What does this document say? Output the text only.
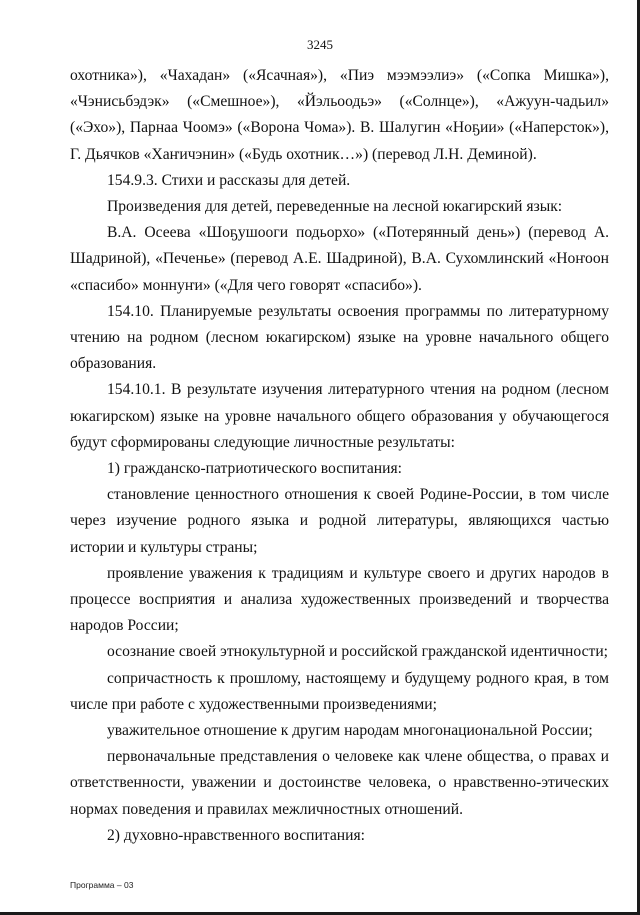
3245

охотника»), «Чахадан» («Ясачная»), «Пиэ мээмээлиэ» («Сопка Мишка»), «Чэнисьбэдэк» («Смешное»), «Йэльоодьэ» («Солнце»), «Ажуун-чадьил» («Эхо»), Парнаа Чоомэ» («Ворона Чома»). В. Шалугин «Ноҕии» («Наперсток»), Г. Дьячков «Хаҥичэнин» («Будь охотник…») (перевод Л.Н. Деминой).

154.9.3. Стихи и рассказы для детей.

Произведения для детей, переведенные на лесной юкагирский язык:

В.А. Осеева «Шоҕушооги подьорхо» («Потерянный день») (перевод А. Шадриной), «Печенье» (перевод А.Е. Шадриной), В.А. Сухомлинский «Ноҥоон «спасибо» моннуҥи» («Для чего говорят «спасибо»).

154.10. Планируемые результаты освоения программы по литературному чтению на родном (лесном юкагирском) языке на уровне начального общего образования.

154.10.1. В результате изучения литературного чтения на родном (лесном юкагирском) языке на уровне начального общего образования у обучающегося будут сформированы следующие личностные результаты:

1) гражданско-патриотического воспитания:

становление ценностного отношения к своей Родине-России, в том числе через изучение родного языка и родной литературы, являющихся частью истории и культуры страны;

проявление уважения к традициям и культуре своего и других народов в процессе восприятия и анализа художественных произведений и творчества народов России;

осознание своей этнокультурной и российской гражданской идентичности;

сопричастность к прошлому, настоящему и будущему родного края, в том числе при работе с художественными произведениями;

уважительное отношение к другим народам многонациональной России;

первоначальные представления о человеке как члене общества, о правах и ответственности, уважении и достоинстве человека, о нравственно-этических нормах поведения и правилах межличностных отношений.

2) духовно-нравственного воспитания:

Программа – 03
